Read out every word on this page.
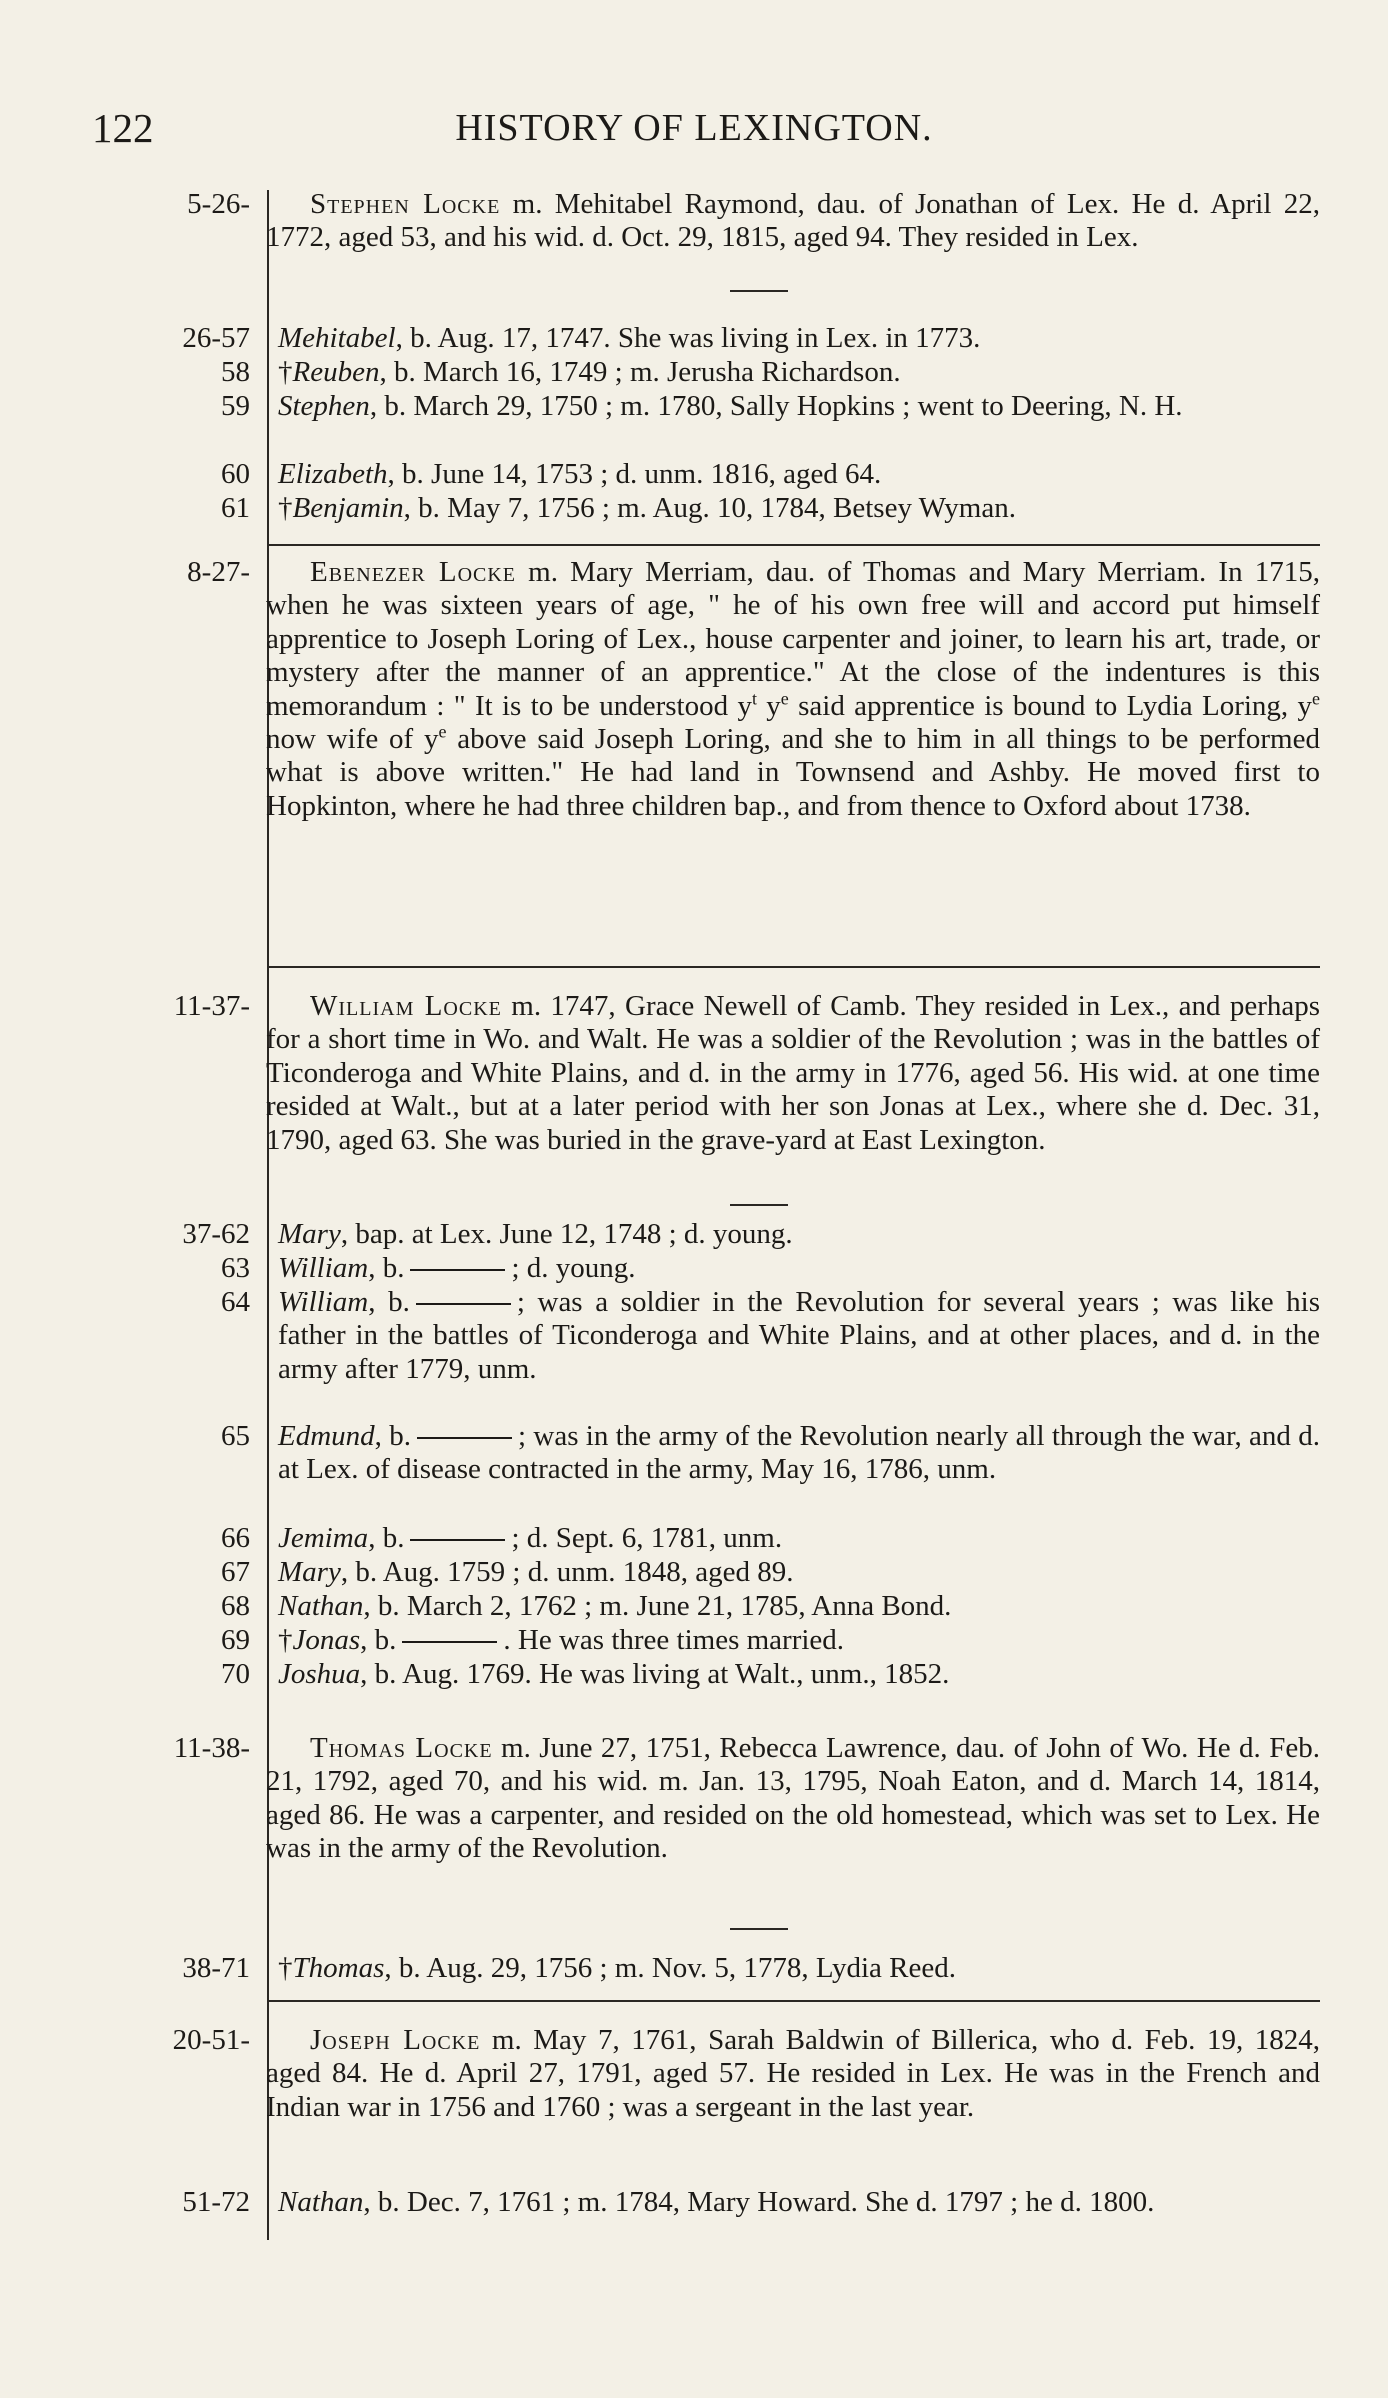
122	HISTORY OF LEXINGTON.
5-26-	Stephen Locke m. Mehitabel Raymond, dau. of Jonathan of Lex. He d. April 22, 1772, aged 53, and his wid. d. Oct. 29, 1815, aged 94. They resided in Lex.
26-57 Mehitabel, b. Aug. 17, 1747. She was living in Lex. in 1773.
58 †Reuben, b. March 16, 1749 ; m. Jerusha Richardson.
59 Stephen, b. March 29, 1750 ; m. 1780, Sally Hopkins ; went to Deering, N. H.
60 Elizabeth, b. June 14, 1753 ; d. unm. 1816, aged 64.
61 †Benjamin, b. May 7, 1756 ; m. Aug. 10, 1784, Betsey Wyman.
8-27-	Ebenezer Locke m. Mary Merriam, dau. of Thomas and Mary Merriam. In 1715, when he was sixteen years of age, " he of his own free will and accord put himself apprentice to Joseph Loring of Lex., house carpenter and joiner, to learn his art, trade, or mystery after the manner of an apprentice." At the close of the indentures is this memorandum : " It is to be understood $y^t$ $y^e$ said apprentice is bound to Lydia Loring, $y^e$ now wife of $y^e$ above said Joseph Loring, and she to him in all things to be performed what is above written." He had land in Townsend and Ashby. He moved first to Hopkinton, where he had three children bap., and from thence to Oxford about 1738.
11-37-	William Locke m. 1747, Grace Newell of Camb. They resided in Lex., and perhaps for a short time in Wo. and Walt. He was a soldier of the Revolution ; was in the battles of Ticonderoga and White Plains, and d. in the army in 1776, aged 56. His wid. at one time resided at Walt., but at a later period with her son Jonas at Lex., where she d. Dec. 31, 1790, aged 63. She was buried in the grave-yard at East Lexington.
37-62 Mary, bap. at Lex. June 12, 1748 ; d. young.
63 William, b.	; d. young.
64 William, b.	; was a soldier in the Revolution for several years ; was like his father in the battles of Ticonderoga and White Plains, and at other places, and d. in the army after 1779, unm.
65 Edmund, b.	; was in the army of the Revolution nearly all through the war, and d. at Lex. of disease contracted in the army, May 16, 1786, unm.
66 Jemima, b.	; d. Sept. 6, 1781, unm.
67 Mary, b. Aug. 1759 ; d. unm. 1848, aged 89.
68 Nathan, b. March 2, 1762 ; m. June 21, 1785, Anna Bond.
69 †Jonas, b.	. He was three times married.
70 Joshua, b. Aug. 1769. He was living at Walt., unm., 1852.
11-38-	Thomas Locke m. June 27, 1751, Rebecca Lawrence, dau. of John of Wo. He d. Feb. 21, 1792, aged 70, and his wid. m. Jan. 13, 1795, Noah Eaton, and d. March 14, 1814, aged 86. He was a carpenter, and resided on the old homestead, which was set to Lex. He was in the army of the Revolution.
38-71 †Thomas, b. Aug. 29, 1756 ; m. Nov. 5, 1778, Lydia Reed.
20-51-	Joseph Locke m. May 7, 1761, Sarah Baldwin of Billerica, who d. Feb. 19, 1824, aged 84. He d. April 27, 1791, aged 57. He resided in Lex. He was in the French and Indian war in 1756 and 1760 ; was a sergeant in the last year.
51-72 Nathan, b. Dec. 7, 1761 ; m. 1784, Mary Howard. She d. 1797 ; he d. 1800.
